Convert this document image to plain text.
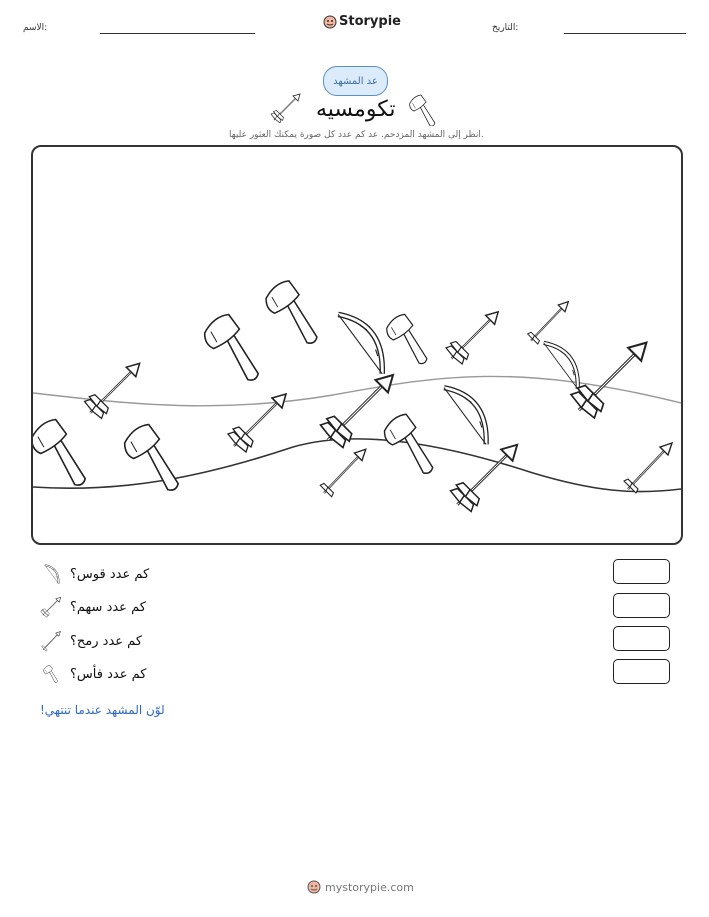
التاريخ:
Storypie
الاسم:
عد المشهد
تكومسيه
انظر إلى المشهد المزدحم. عد كم عدد كل صورة يمكنك العثور عليها.
كم عدد قوس؟
كم عدد سهم؟
كم عدد رمح؟
كم عدد فأس؟
لوّن المشهد عندما تنتهي!
mystorypie.com
